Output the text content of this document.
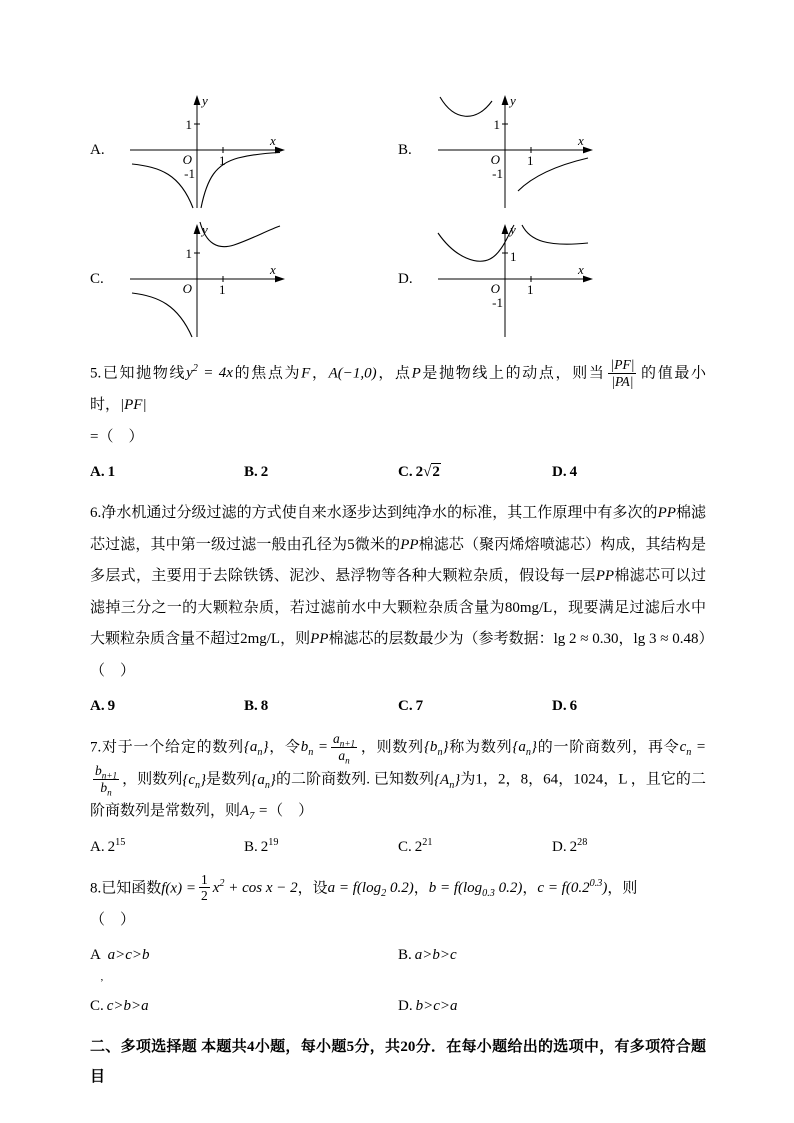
A.
y
x
1
O 1
-1
B.
y
x
1
O 1
-1
C.
y
x
1
O 1
D.
y
x
1
O 1
-1

5.已知抛物线$y^2 = 4x$的焦点为F，A(−1,0)，点P是抛物线上的动点，则当 $\frac{|PF|}{|PA|}$ 的值最小时，|PF|

=（　）

A. 1	B. 2	C. 2√2	D. 4

6.净水机通过分级过滤的方式使自来水逐步达到纯净水的标准，其工作原理中有多次的PP棉滤芯过滤，其中第一级过滤一般由孔径为5微米的PP棉滤芯（聚丙烯熔喷滤芯）构成，其结构是多层式，主要用于去除铁锈、泥沙、悬浮物等各种大颗粒杂质，假设每一层PP棉滤芯可以过滤掉三分之一的大颗粒杂质，若过滤前水中大颗粒杂质含量为80mg/L，现要满足过滤后水中大颗粒杂质含量不超过2mg/L，则PP棉滤芯的层数最少为（参考数据：lg 2 ≈ 0.30，lg 3 ≈ 0.48）（　）

A. 9	B. 8	C. 7	D. 6

7.对于一个给定的数列$\{a_n\}$，令$b_n = \frac{a_{n+1}}{a_n}$ ，则数列$\{b_n\}$称为数列$\{a_n\}$的一阶商数列，再令$c_n$ =
$\frac{b_{n+1}}{b_n}$ ，则数列$\{c_n\}$是数列$\{a_n\}$的二阶商数列. 已知数列$\{A_n\}$为1，2，8，64，1024，L ，且它的二阶商数列是常数列，则$A_7$ =（　）

A. $2^{15}$	B. $2^{19}$	C. $2^{21}$	D. $2^{28}$

8.已知函数$f(x) = \frac{1}{2} x^2 + \cos x - 2$，设$a = f(\log_2$ 0.2)，$b = f(\log_{0.3}$ 0.2)，$c = f(0.2^{0.3})$，则

（　）

A a>c>b	B. a>b>c
’
C. c>b>a	D. b>c>a

二、多项选择题 本题共4小题，每小题5分，共20分．在每小题给出的选项中，有多项符合题目
